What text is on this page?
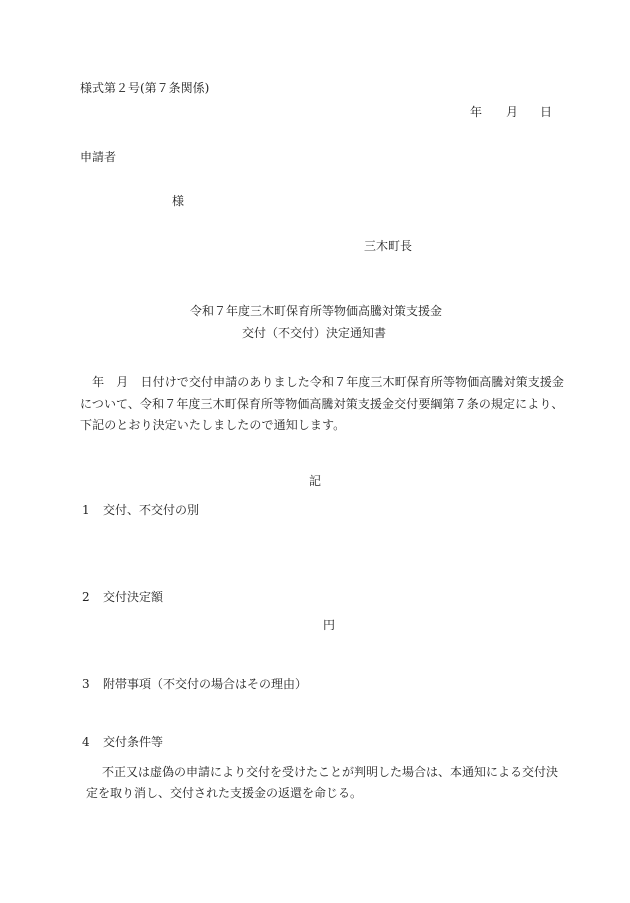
様式第２号(第７条関係)
年 月 日
申請者
様
三木町長
令和７年度三木町保育所等物価高騰対策支援金
交付（不交付）決定通知書
　年　月　日付けで交付申請のありました令和７年度三木町保育所等物価高騰対策支援金
について、令和７年度三木町保育所等物価高騰対策支援金交付要綱第７条の規定により、
下記のとおり決定いたしましたので通知します。
記
1 交付、不交付の別
2 交付決定額
円
3 附帯事項（不交付の場合はその理由）
4 交付条件等
不正又は虚偽の申請により交付を受けたことが判明した場合は、本通知による交付決
定を取り消し、交付された支援金の返還を命じる。
